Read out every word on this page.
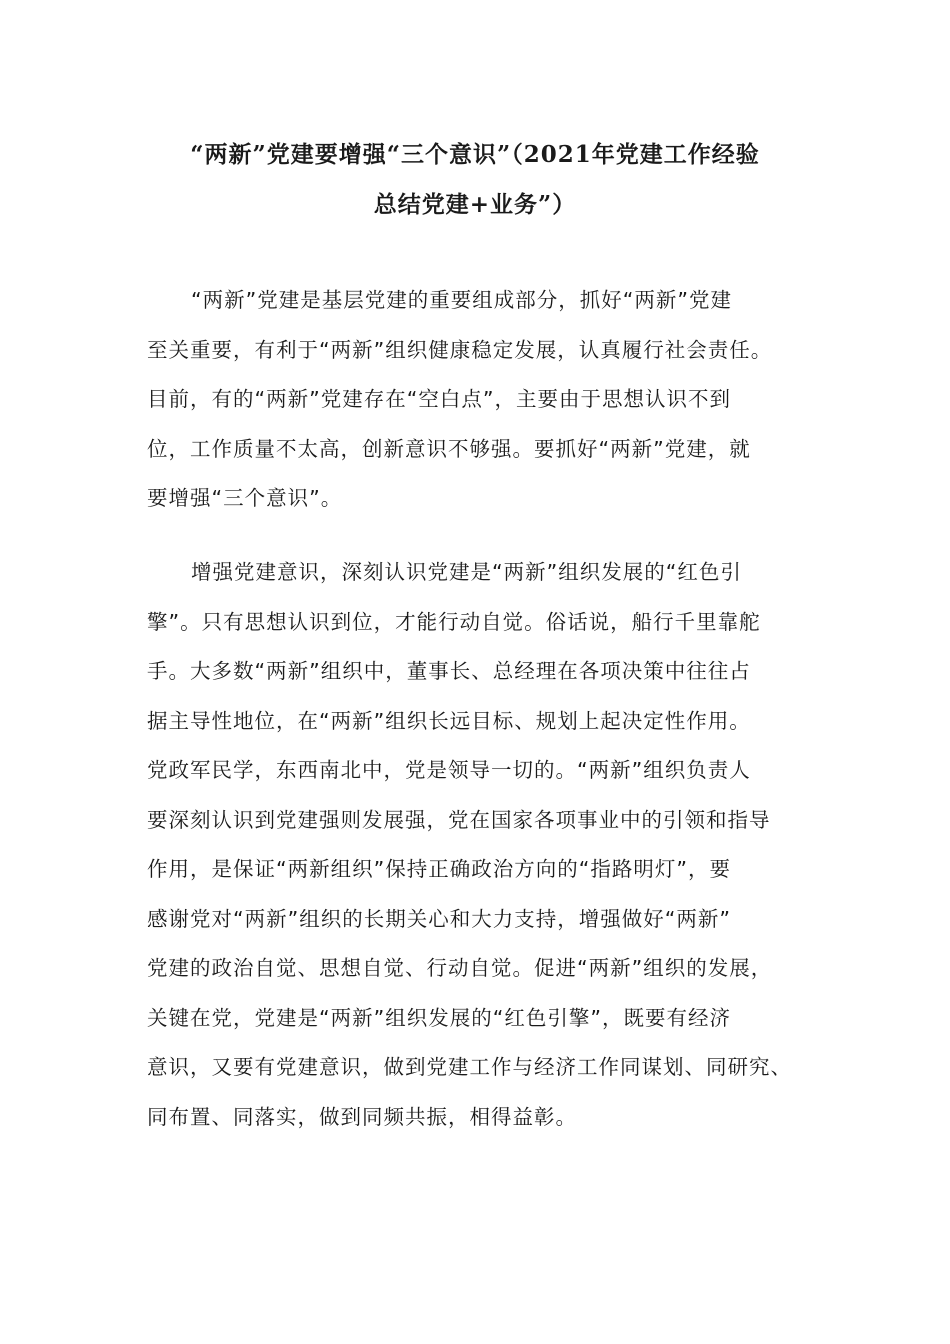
“两新”党建要增强“三个意识”（2021年党建工作经验
总结党建+业务”）
“两新”党建是基层党建的重要组成部分，抓好“两新”党建
至关重要，有利于“两新”组织健康稳定发展，认真履行社会责任。
目前，有的“两新”党建存在“空白点”，主要由于思想认识不到
位，工作质量不太高，创新意识不够强。要抓好“两新”党建，就
要增强“三个意识”。
增强党建意识，深刻认识党建是“两新”组织发展的“红色引
擎”。只有思想认识到位，才能行动自觉。俗话说，船行千里靠舵
手。大多数“两新”组织中，董事长、总经理在各项决策中往往占
据主导性地位，在“两新”组织长远目标、规划上起决定性作用。
党政军民学，东西南北中，党是领导一切的。“两新”组织负责人
要深刻认识到党建强则发展强，党在国家各项事业中的引领和指导
作用，是保证“两新组织”保持正确政治方向的“指路明灯”，要
感谢党对“两新”组织的长期关心和大力支持，增强做好“两新”
党建的政治自觉、思想自觉、行动自觉。促进“两新”组织的发展，
关键在党，党建是“两新”组织发展的“红色引擎”，既要有经济
意识，又要有党建意识，做到党建工作与经济工作同谋划、同研究、
同布置、同落实，做到同频共振，相得益彰。
